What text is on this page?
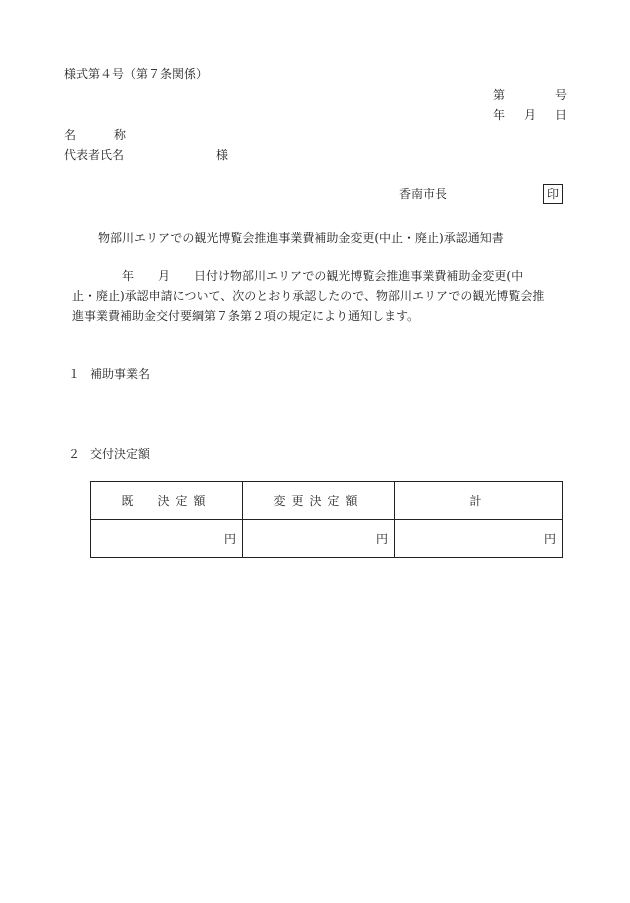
様式第４号（第７条関係）
第	号
年 月 日
名	称
代表者氏名	様
香南市長	印
物部川エリアでの観光博覧会推進事業費補助金変更(中止・廃止)承認通知書
年 月 日付け物部川エリアでの観光博覧会推進事業費補助金変更(中
止・廃止)承認申請について、次のとおり承認したので、物部川エリアでの観光博覧会推
進事業費補助金交付要綱第７条第２項の規定により通知します。
１ 補助事業名
２ 交付決定額
既　決定額	変更決定額	計
円	円	円
